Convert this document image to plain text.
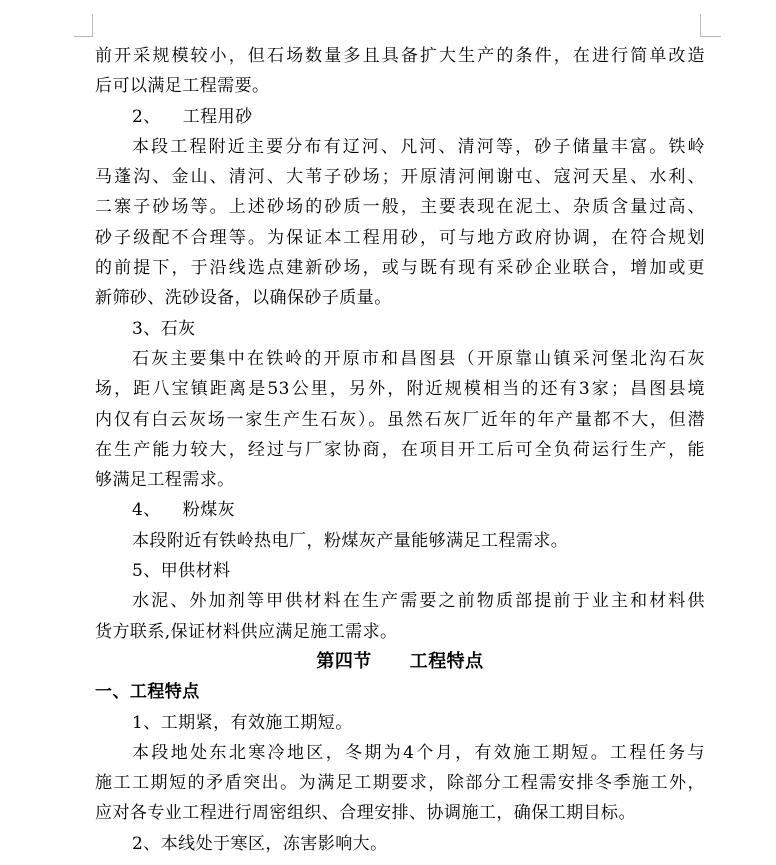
前开采规模较小，但石场数量多且具备扩大生产的条件，在进行简单改造
后可以满足工程需要。
2、 工程用砂
本段工程附近主要分布有辽河、凡河、清河等，砂子储量丰富。铁岭
马蓬沟、金山、清河、大苇子砂场；开原清河闸谢屯、寇河天星、水利、
二寨子砂场等。上述砂场的砂质一般，主要表现在泥土、杂质含量过高、
砂子级配不合理等。为保证本工程用砂，可与地方政府协调，在符合规划
的前提下，于沿线选点建新砂场，或与既有现有采砂企业联合，增加或更
新筛砂、洗砂设备，以确保砂子质量。
3、石灰
石灰主要集中在铁岭的开原市和昌图县（开原靠山镇采河堡北沟石灰
场，距八宝镇距离是53公里，另外，附近规模相当的还有3家；昌图县境
内仅有白云灰场一家生产生石灰）。虽然石灰厂近年的年产量都不大，但潜
在生产能力较大，经过与厂家协商，在项目开工后可全负荷运行生产，能
够满足工程需求。
4、 粉煤灰
本段附近有铁岭热电厂，粉煤灰产量能够满足工程需求。
5、甲供材料
水泥、外加剂等甲供材料在生产需要之前物质部提前于业主和材料供
货方联系,保证材料供应满足施工需求。
第四节 工程特点
一、工程特点
1、工期紧，有效施工期短。
本段地处东北寒冷地区，冬期为4个月，有效施工期短。工程任务与
施工工期短的矛盾突出。为满足工期要求，除部分工程需安排冬季施工外，
应对各专业工程进行周密组织、合理安排、协调施工，确保工期目标。
2、本线处于寒区，冻害影响大。
